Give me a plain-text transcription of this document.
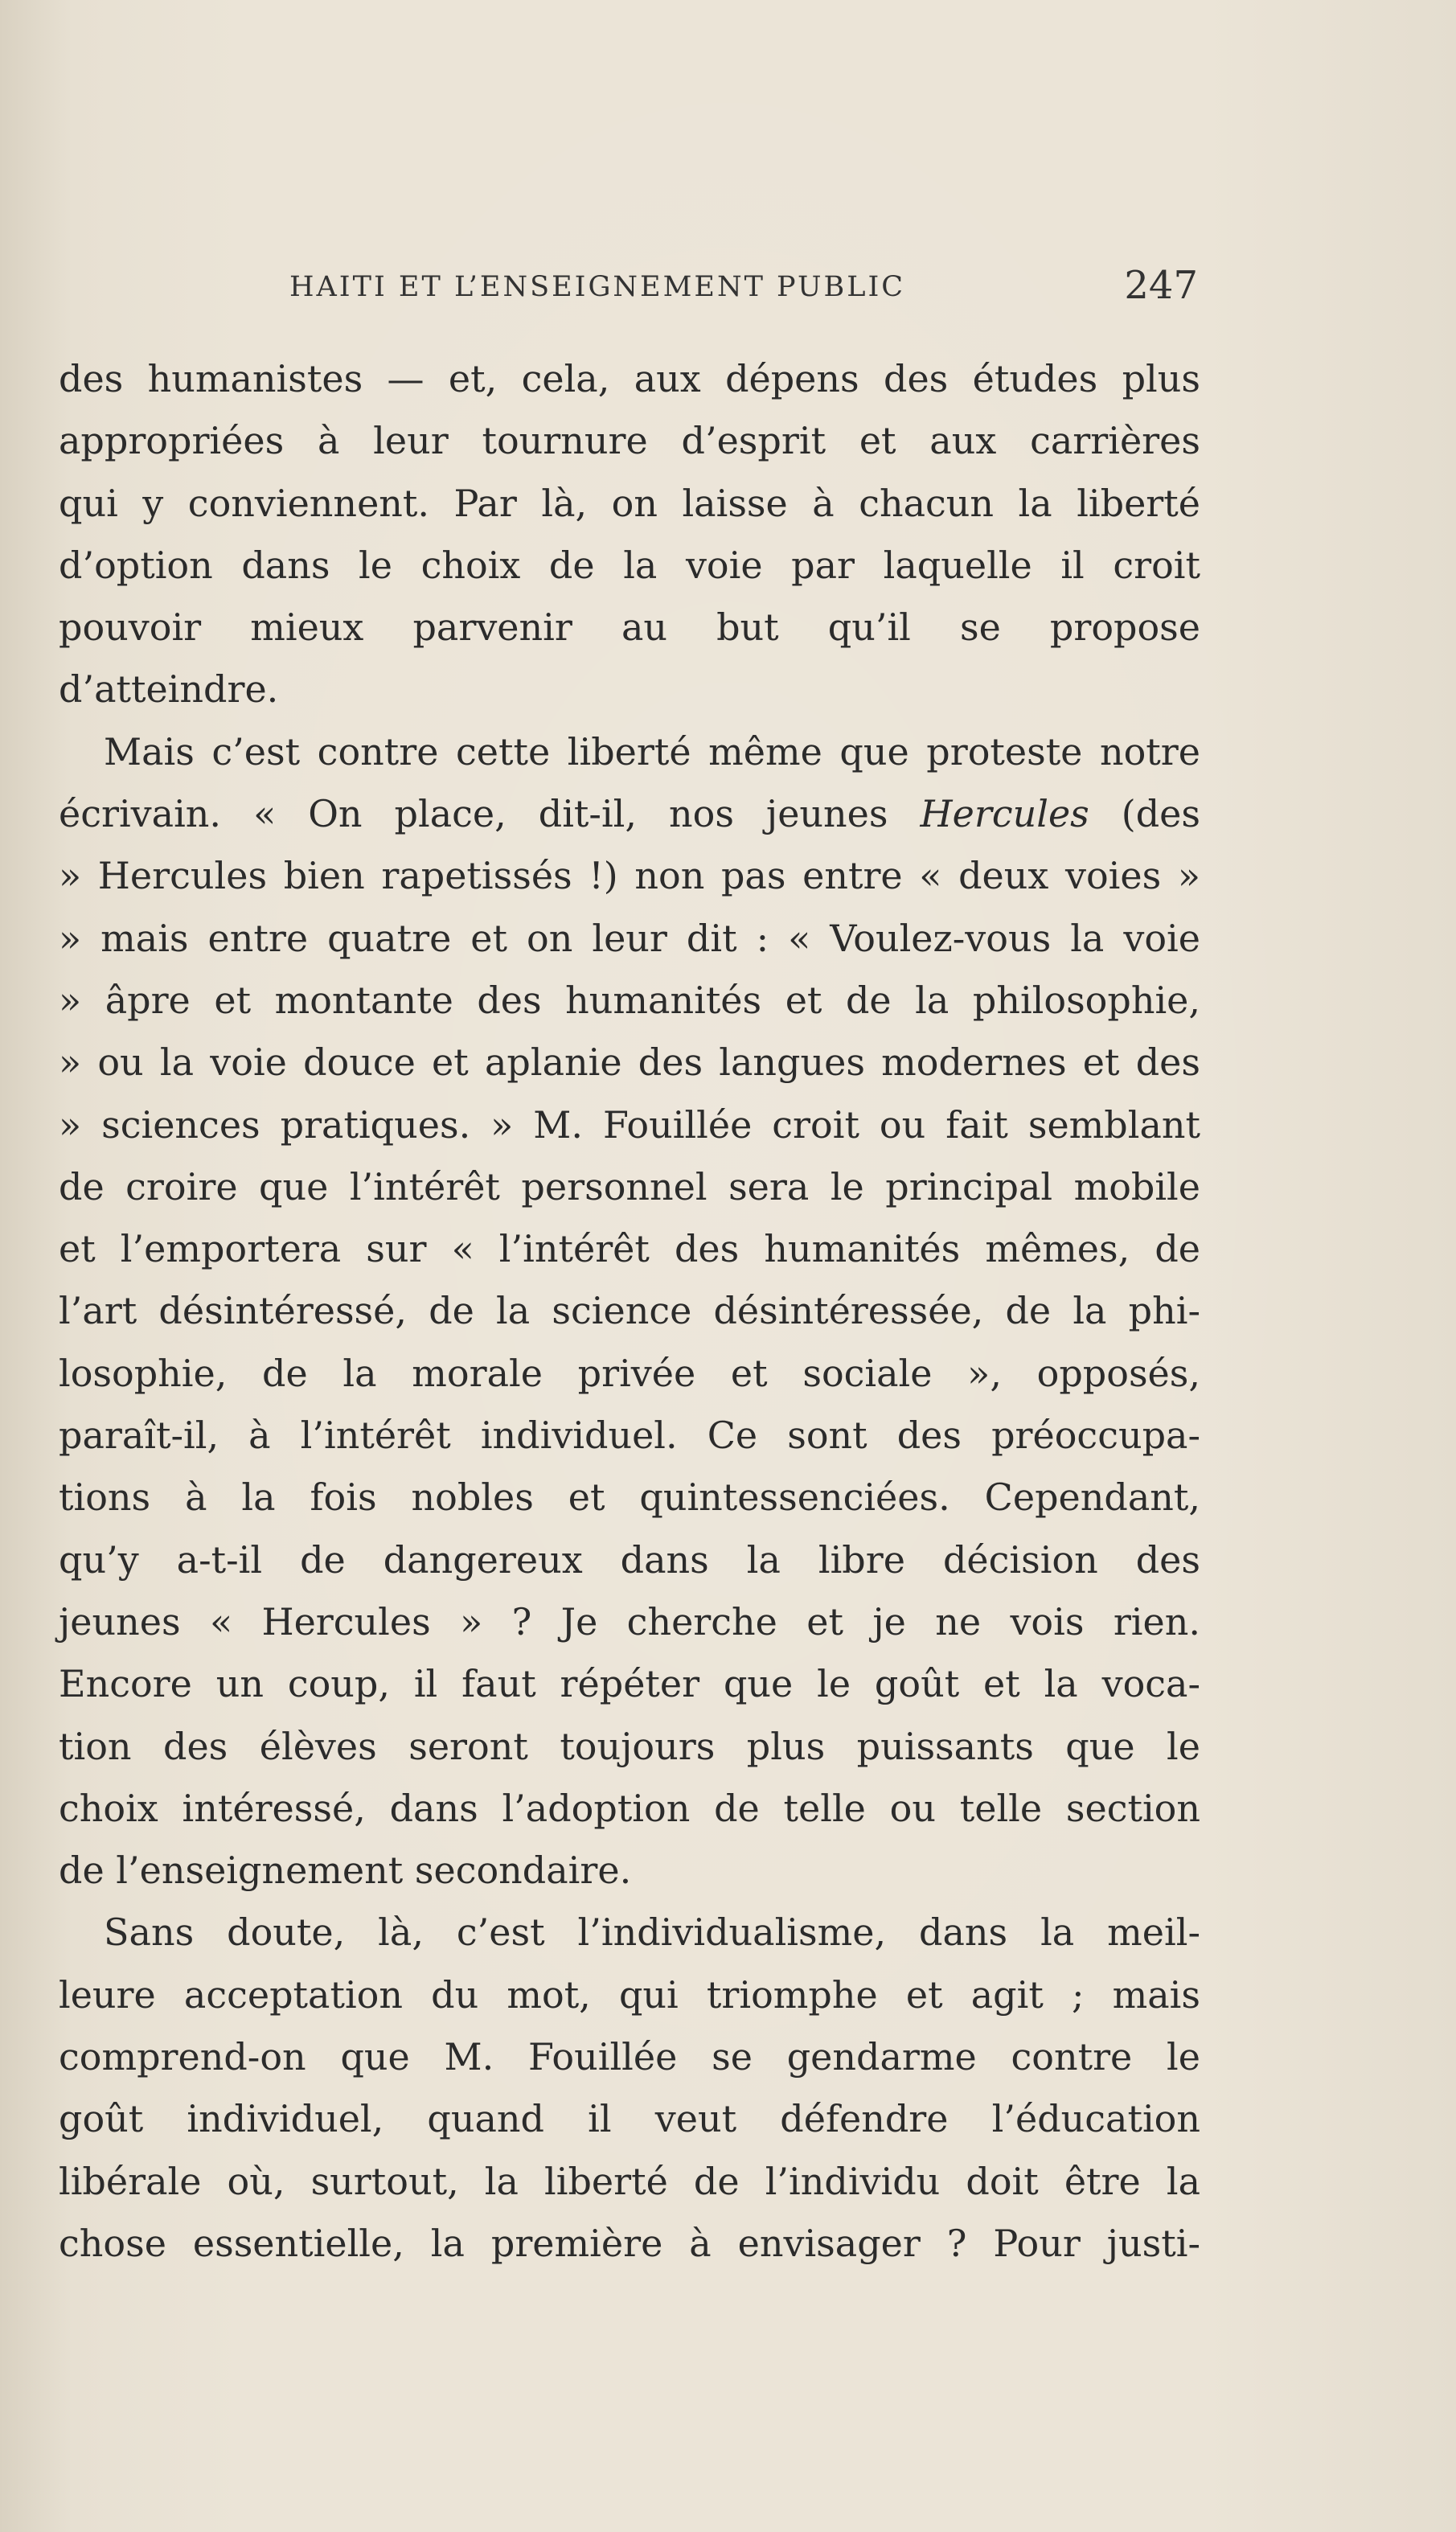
HAITI ET L’ENSEIGNEMENT PUBLIC	247
des humanistes — et, cela, aux dépens des études plus
appropriées à leur tournure d’esprit et aux carrières
qui y conviennent. Par là, on laisse à chacun la liberté
d’option dans le choix de la voie par laquelle il croit
pouvoir mieux parvenir au but qu’il se propose
d’atteindre.
Mais c’est contre cette liberté même que proteste notre
écrivain. « On place, dit-il, nos jeunes Hercules (des
» Hercules bien rapetissés !) non pas entre « deux voies »
» mais entre quatre et on leur dit : « Voulez-vous la voie
» âpre et montante des humanités et de la philosophie,
» ou la voie douce et aplanie des langues modernes et des
» sciences pratiques. » M. Fouillée croit ou fait semblant
de croire que l’intérêt personnel sera le principal mobile
et l’emportera sur « l’intérêt des humanités mêmes, de
l’art désintéressé, de la science désintéressée, de la phi-
losophie, de la morale privée et sociale », opposés,
paraît-il, à l’intérêt individuel. Ce sont des préoccupa-
tions à la fois nobles et quintessenciées. Cependant,
qu’y a-t-il de dangereux dans la libre décision des
jeunes « Hercules » ? Je cherche et je ne vois rien.
Encore un coup, il faut répéter que le goût et la voca-
tion des élèves seront toujours plus puissants que le
choix intéressé, dans l’adoption de telle ou telle section
de l’enseignement secondaire.
Sans doute, là, c’est l’individualisme, dans la meil-
leure acceptation du mot, qui triomphe et agit ; mais
comprend-on que M. Fouillée se gendarme contre le
goût individuel, quand il veut défendre l’éducation
libérale où, surtout, la liberté de l’individu doit être la
chose essentielle, la première à envisager ? Pour justi-
